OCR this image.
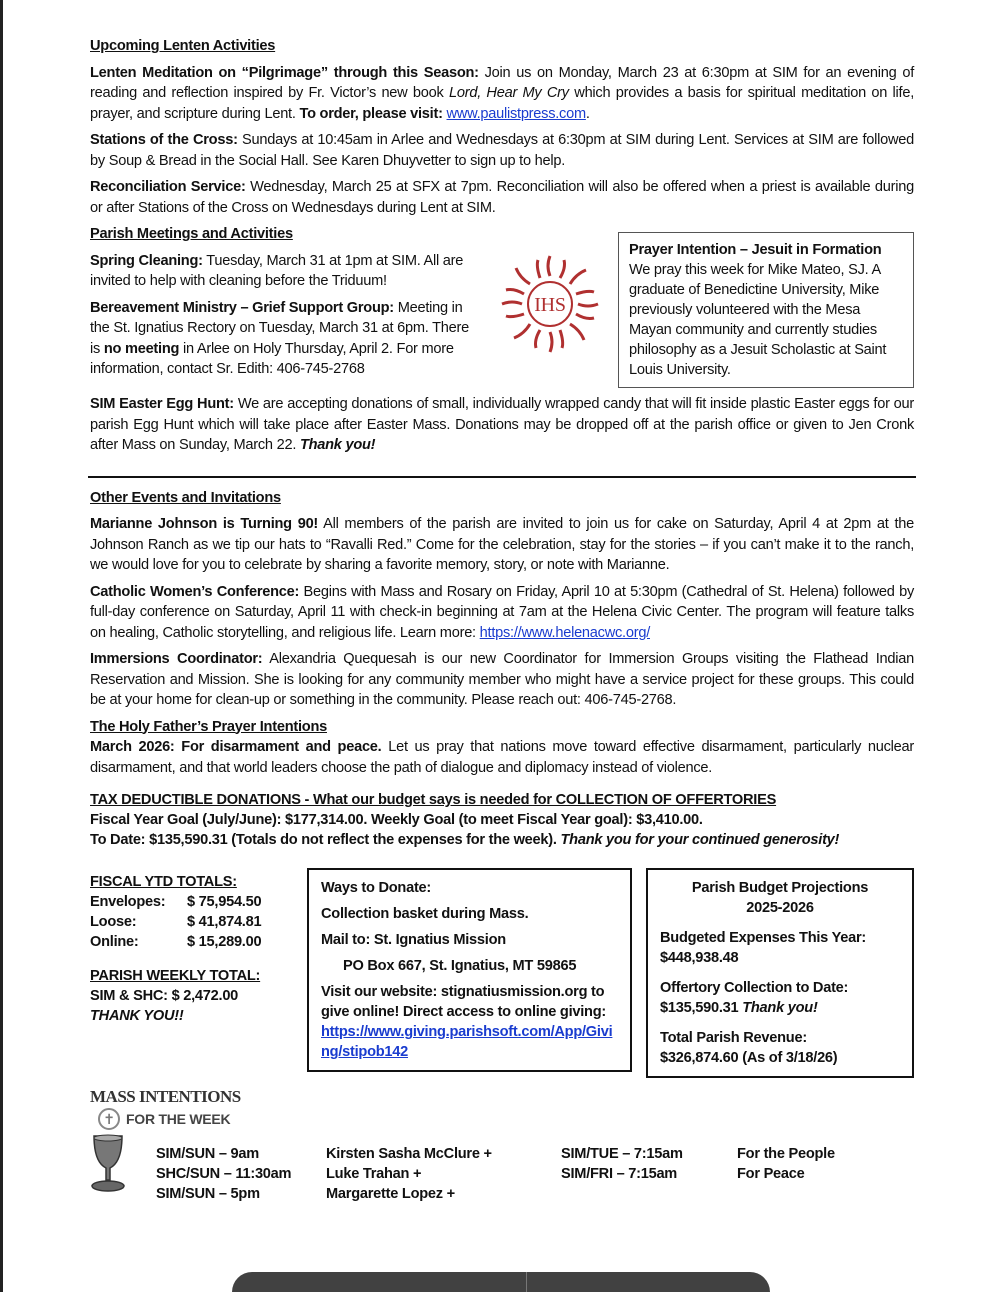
Upcoming Lenten Activities

Lenten Meditation on “Pilgrimage” through this Season: Join us on Monday, March 23 at 6:30pm at SIM for an evening of reading and reflection inspired by Fr. Victor’s new book Lord, Hear My Cry which provides a basis for spiritual meditation on life, prayer, and scripture during Lent. To order, please visit: www.paulistpress.com.

Stations of the Cross: Sundays at 10:45am in Arlee and Wednesdays at 6:30pm at SIM during Lent. Services at SIM are followed by Soup & Bread in the Social Hall. See Karen Dhuyvetter to sign up to help.

Reconciliation Service: Wednesday, March 25 at SFX at 7pm. Reconciliation will also be offered when a priest is available during or after Stations of the Cross on Wednesdays during Lent at SIM.

Parish Meetings and Activities

Spring Cleaning: Tuesday, March 31 at 1pm at SIM. All are invited to help with cleaning before the Triduum!

Bereavement Ministry – Grief Support Group: Meeting in the St. Ignatius Rectory on Tuesday, March 31 at 6pm. There is no meeting in Arlee on Holy Thursday, April 2. For more information, contact Sr. Edith: 406-745-2768

IHS
Prayer Intention – Jesuit in Formation
We pray this week for Mike Mateo, SJ. A graduate of Benedictine University, Mike previously volunteered with the Mesa Mayan community and currently studies philosophy as a Jesuit Scholastic at Saint Louis University.

SIM Easter Egg Hunt: We are accepting donations of small, individually wrapped candy that will fit inside plastic Easter eggs for our parish Egg Hunt which will take place after Easter Mass. Donations may be dropped off at the parish office or given to Jen Cronk after Mass on Sunday, March 22. Thank you!

Other Events and Invitations

Marianne Johnson is Turning 90! All members of the parish are invited to join us for cake on Saturday, April 4 at 2pm at the Johnson Ranch as we tip our hats to “Ravalli Red.” Come for the celebration, stay for the stories – if you can’t make it to the ranch, we would love for you to celebrate by sharing a favorite memory, story, or note with Marianne.

Catholic Women’s Conference: Begins with Mass and Rosary on Friday, April 10 at 5:30pm (Cathedral of St. Helena) followed by full-day conference on Saturday, April 11 with check-in beginning at 7am at the Helena Civic Center. The program will feature talks on healing, Catholic storytelling, and religious life. Learn more: https://www.helenacwc.org/

Immersions Coordinator: Alexandria Quequesah is our new Coordinator for Immersion Groups visiting the Flathead Indian Reservation and Mission. She is looking for any community member who might have a service project for these groups. This could be at your home for clean-up or something in the community. Please reach out: 406-745-2768.

The Holy Father’s Prayer Intentions

March 2026: For disarmament and peace. Let us pray that nations move toward effective disarmament, particularly nuclear disarmament, and that world leaders choose the path of dialogue and diplomacy instead of violence.

TAX DEDUCTIBLE DONATIONS - What our budget says is needed for COLLECTION OF OFFERTORIES
Fiscal Year Goal (July/June): $177,314.00. Weekly Goal (to meet Fiscal Year goal): $3,410.00.
To Date: $135,590.31 (Totals do not reflect the expenses for the week). Thank you for your continued generosity!
FISCAL YTD TOTALS:
Envelopes: $ 75,954.50
Loose:	$ 41,874.81
Online:	$ 15,289.00
PARISH WEEKLY TOTAL:
SIM & SHC: $ 2,472.00
THANK YOU!!
Ways to Donate:
Collection basket during Mass.
Mail to: St. Ignatius Mission
PO Box 667, St. Ignatius, MT 59865
Visit our website: stignatiusmission.org to give online! Direct access to online giving:
https://www.giving.parishsoft.com/App/Giving/stipob142
Parish Budget Projections
2025-2026
Budgeted Expenses This Year:
$448,938.48
Offertory Collection to Date:
$135,590.31 Thank you!
Total Parish Revenue:
$326,874.60 (As of 3/18/26)
MASS INTENTIONS
✝ FOR THE WEEK
SIM/SUN – 9am
SHC/SUN – 11:30am
SIM/SUN – 5pm
Kirsten Sasha McClure +
Luke Trahan +
Margarette Lopez +
SIM/TUE – 7:15am
SIM/FRI – 7:15am
For the People
For Peace
